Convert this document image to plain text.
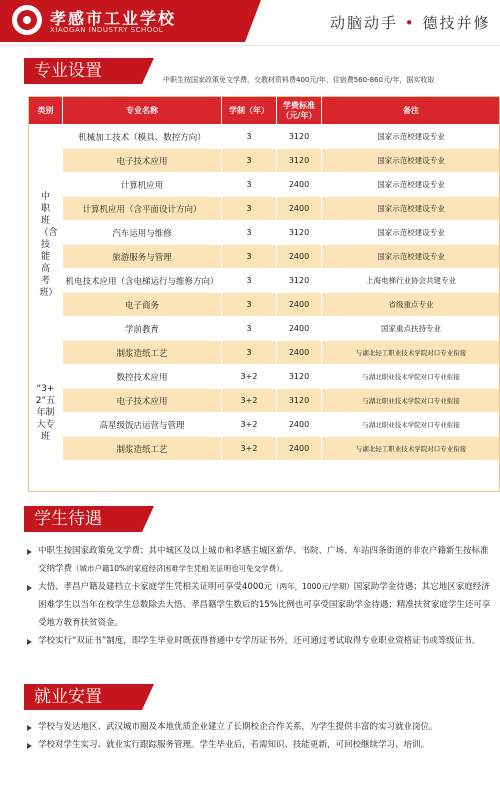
孝感市工业学校
XIAOGAN INDUSTRY SCHOOL	动脑动手 • 德技并修
专业设置	中职生按国家政策免文学费，交教材资料费400元/年、住宿费560-860元/年，据实收取
类别	专业名称	学制（年）	学费标准（元/年）	备注
中职班（含技能高考班）	机械加工技术（模具、数控方向）	3	3120	国家示范校建设专业
	电子技术应用	3	3120	国家示范校建设专业
	计算机应用	3	2400	国家示范校建设专业
	计算机应用（含平面设计方向）	3	2400	国家示范校建设专业
	汽车运用与维修	3	3120	国家示范校建设专业
	旅游服务与管理	3	2400	国家示范校建设专业
	机电技术应用（含电梯运行与维修方向）	3	3120	上海电梯行业协会共建专业
	电子商务	3	2400	省级重点专业
	学前教育	3	2400	国家重点扶持专业
	制浆造纸工艺	3	2400	与湖北轻工职业技术学院对口专业衔接
“3+2”五年制大专班	数控技术应用	3+2	3120	与湖北职业技术学院对口专业衔接
	电子技术应用	3+2	3120	与湖北职业技术学院对口专业衔接
	高星级饭店运营与管理	3+2	2400	与湖北职业技术学院对口专业衔接
	制浆造纸工艺	3+2	2400	与湖北轻工职业技术学院对口专业衔接
学生待遇
中职生按国家政策免文学费；其中城区及以上城市和孝感主城区新华、书院、广场、车站四条街道的非农户籍新生按标准交纳学费（城市户籍10%的家庭经济困难学生凭相关证明也可免交学费）。
大悟、孝昌户籍及建档立卡家庭学生凭相关证明可享受4000元（两年，1000元/学期）国家助学金待遇；其它地区家庭经济困难学生以当年在校学生总数除去大悟、孝昌籍学生数后的15%比例也可享受国家助学金待遇；精准扶贫家庭学生还可享受地方教育扶贫资金。
学校实行“双证书”制度，即学生毕业时既获得普通中专学历证书外，还可通过考试取得专业职业资格证书或等级证书。
就业安置
学校与发达地区、武汉城市圈及本地优质企业建立了长期校企合作关系，为学生提供丰富的实习就业岗位。
学校对学生实习、就业实行跟踪服务管理。学生毕业后，若需知识、技能更新，可回校继续学习、培训。
